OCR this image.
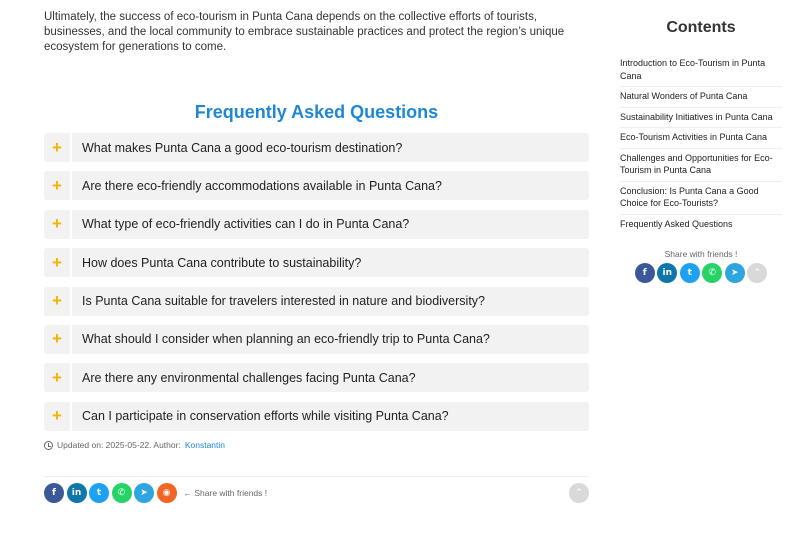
Ultimately, the success of eco-tourism in Punta Cana depends on the collective efforts of tourists, businesses, and the local community to embrace sustainable practices and protect the region’s unique ecosystem for generations to come.

Frequently Asked Questions
+	What makes Punta Cana a good eco-tourism destination?
+	Are there eco-friendly accommodations available in Punta Cana?
+	What type of eco-friendly activities can I do in Punta Cana?
+	How does Punta Cana contribute to sustainability?
+	Is Punta Cana suitable for travelers interested in nature and biodiversity?
+	What should I consider when planning an eco-friendly trip to Punta Cana?
+	Are there any environmental challenges facing Punta Cana?
+	Can I participate in conservation efforts while visiting Punta Cana?
Updated on: 2025-05-22. Author: Konstantin
f	in	t	✆	➤	◉	← Share with friends !	⌃
Contents
Introduction to Eco-Tourism in Punta Cana
Natural Wonders of Punta Cana
Sustainability Initiatives in Punta Cana
Eco-Tourism Activities in Punta Cana
Challenges and Opportunities for Eco-Tourism in Punta Cana
Conclusion: Is Punta Cana a Good Choice for Eco-Tourists?
Frequently Asked Questions
Share with friends !
f	in	t	✆	➤	⌃
